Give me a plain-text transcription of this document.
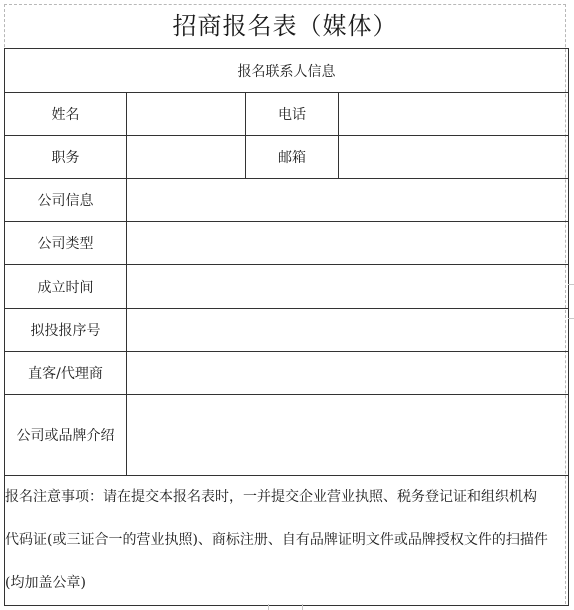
招商报名表（媒体）
报名联系人信息			
姓名		电话	
职务		邮箱	
公司信息			
公司类型			
成立时间			
拟投报序号			
直客/代理商			
公司或品牌介绍			

报名注意事项：请在提交本报名表时，一并提交企业营业执照、税务登记证和组织机构
代码证(或三证合一的营业执照)、商标注册、自有品牌证明文件或品牌授权文件的扫描件
(均加盖公章)			
